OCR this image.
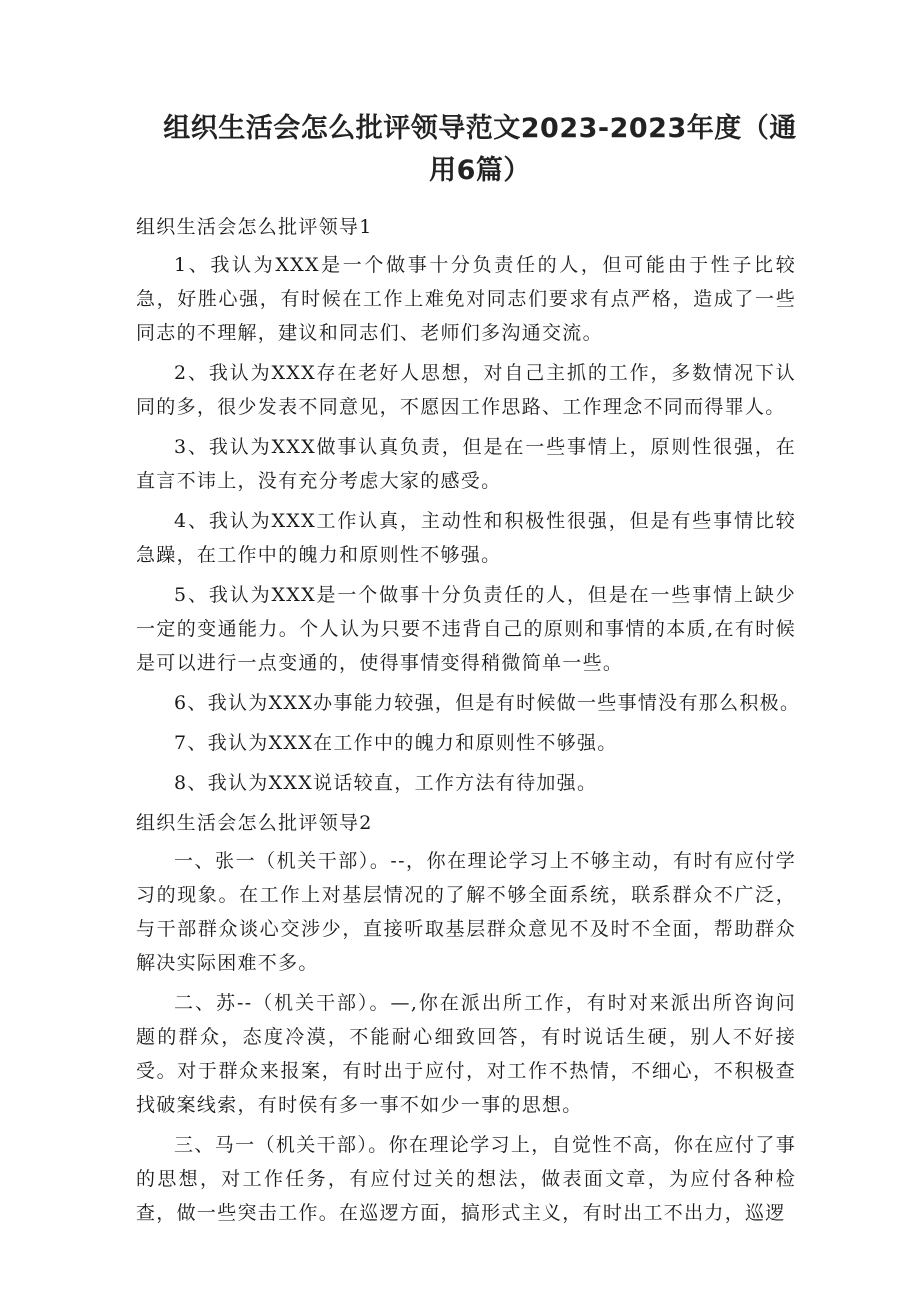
组织生活会怎么批评领导范文2023-2023年度（通用6篇）
组织生活会怎么批评领导1

1、我认为XXX是一个做事十分负责任的人，但可能由于性子比较急，好胜心强，有时候在工作上难免对同志们要求有点严格，造成了一些同志的不理解，建议和同志们、老师们多沟通交流。

2、我认为XXX存在老好人思想，对自己主抓的工作，多数情况下认同的多，很少发表不同意见，不愿因工作思路、工作理念不同而得罪人。

3、我认为XXX做事认真负责，但是在一些事情上，原则性很强，在直言不讳上，没有充分考虑大家的感受。

4、我认为XXX工作认真，主动性和积极性很强，但是有些事情比较急躁，在工作中的魄力和原则性不够强。

5、我认为XXX是一个做事十分负责任的人，但是在一些事情上缺少一定的变通能力。个人认为只要不违背自己的原则和事情的本质,在有时候是可以进行一点变通的，使得事情变得稍微简单一些。

6、我认为XXX办事能力较强，但是有时候做一些事情没有那么积极。

7、我认为XXX在工作中的魄力和原则性不够强。

8、我认为XXX说话较直，工作方法有待加强。

组织生活会怎么批评领导2

一、张一（机关干部）。--，你在理论学习上不够主动，有时有应付学习的现象。在工作上对基层情况的了解不够全面系统，联系群众不广泛，与干部群众谈心交涉少，直接听取基层群众意见不及时不全面，帮助群众解决实际困难不多。

二、苏--（机关干部）。—,你在派出所工作，有时对来派出所咨询问题的群众，态度冷漠，不能耐心细致回答，有时说话生硬，别人不好接受。对于群众来报案，有时出于应付，对工作不热情，不细心，不积极查找破案线索，有时侯有多一事不如少一事的思想。

三、马一（机关干部）。你在理论学习上，自觉性不高，你在应付了事的思想，对工作任务，有应付过关的想法，做表面文章，为应付各种检查，做一些突击工作。在巡逻方面，搞形式主义，有时出工不出力，巡逻
